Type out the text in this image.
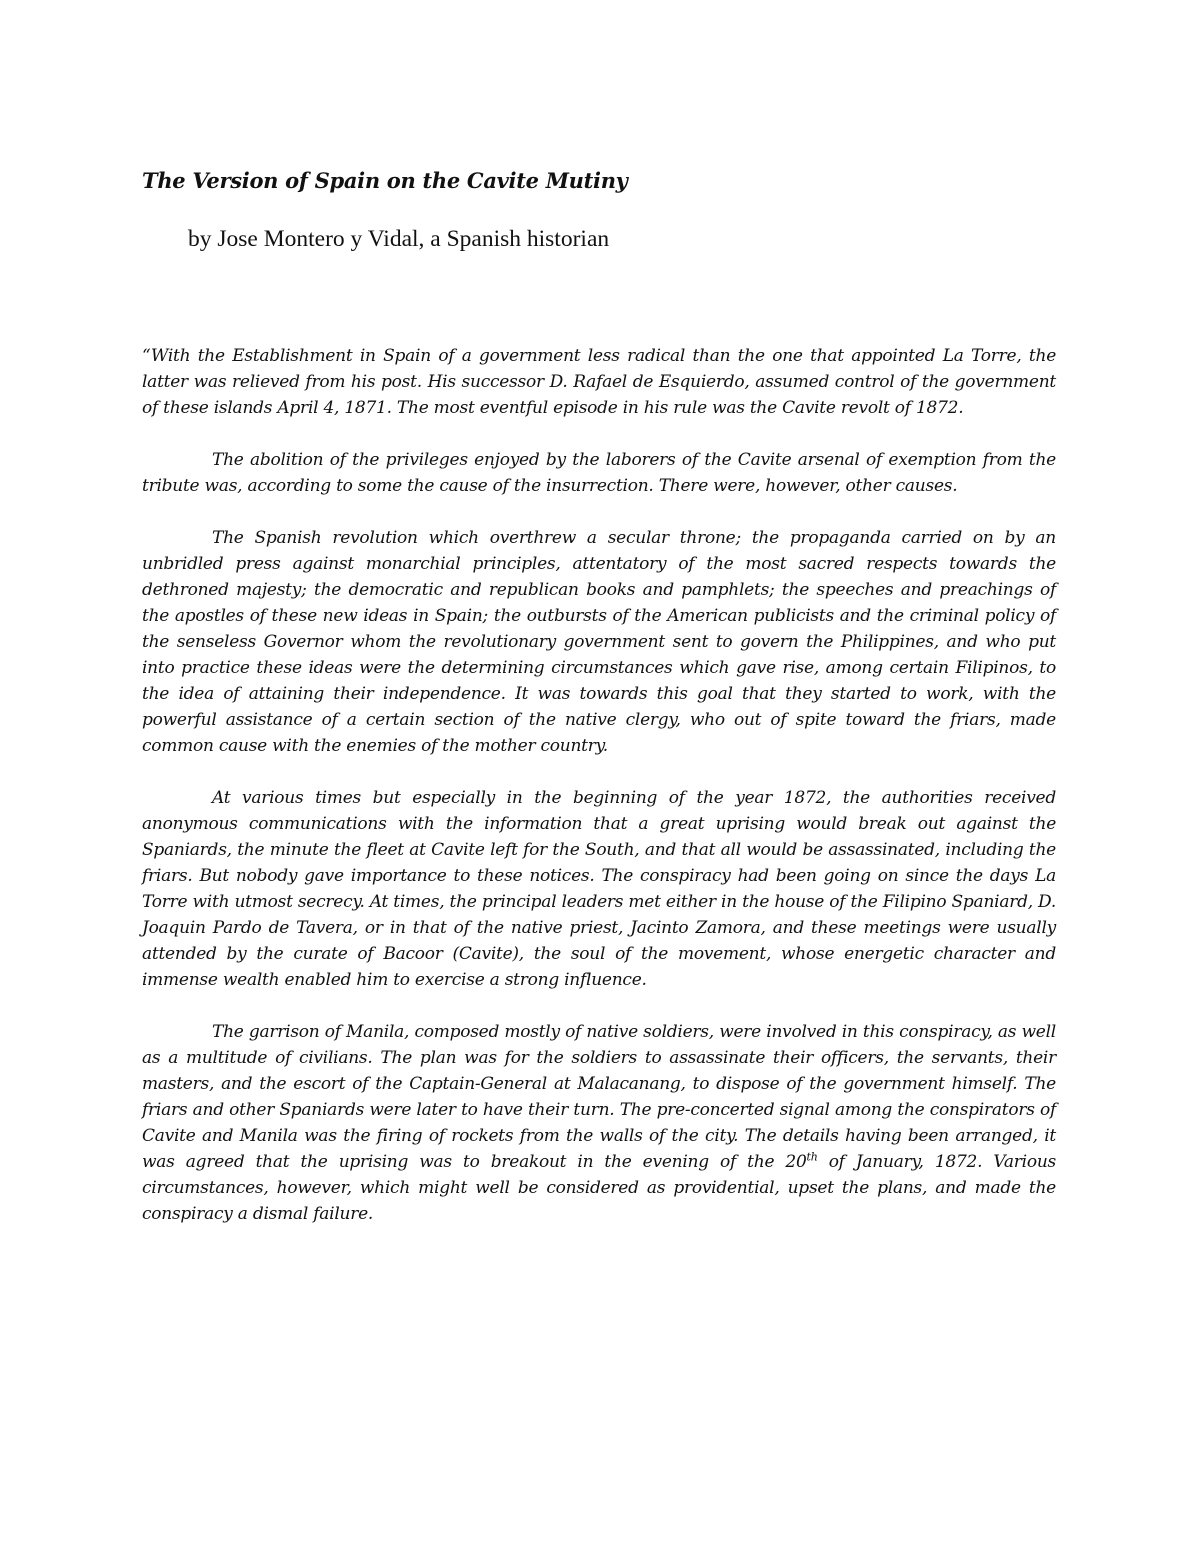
The Version of Spain on the Cavite Mutiny

by Jose Montero y Vidal, a Spanish historian

“With the Establishment in Spain of a government less radical than the one that appointed La Torre, the latter was relieved from his post. His successor D. Rafael de Esquierdo, assumed control of the government of these islands April 4, 1871. The most eventful episode in his rule was the Cavite revolt of 1872.

The abolition of the privileges enjoyed by the laborers of the Cavite arsenal of exemption from the tribute was, according to some the cause of the insurrection. There were, however, other causes.

The Spanish revolution which overthrew a secular throne; the propaganda carried on by an unbridled press against monarchial principles, attentatory of the most sacred respects towards the dethroned majesty; the democratic and republican books and pamphlets; the speeches and preachings of the apostles of these new ideas in Spain; the outbursts of the American publicists and the criminal policy of the senseless Governor whom the revolutionary government sent to govern the Philippines, and who put into practice these ideas were the determining circumstances which gave rise, among certain Filipinos, to the idea of attaining their independence. It was towards this goal that they started to work, with the powerful assistance of a certain section of the native clergy, who out of spite toward the friars, made common cause with the enemies of the mother country.

At various times but especially in the beginning of the year 1872, the authorities received anonymous communications with the information that a great uprising would break out against the Spaniards, the minute the fleet at Cavite left for the South, and that all would be assassinated, including the friars. But nobody gave importance to these notices. The conspiracy had been going on since the days La Torre with utmost secrecy. At times, the principal leaders met either in the house of the Filipino Spaniard, D. Joaquin Pardo de Tavera, or in that of the native priest, Jacinto Zamora, and these meetings were usually attended by the curate of Bacoor (Cavite), the soul of the movement, whose energetic character and immense wealth enabled him to exercise a strong influence.

The garrison of Manila, composed mostly of native soldiers, were involved in this conspiracy, as well as a multitude of civilians. The plan was for the soldiers to assassinate their officers, the servants, their masters, and the escort of the Captain-General at Malacanang, to dispose of the government himself. The friars and other Spaniards were later to have their turn. The pre-concerted signal among the conspirators of Cavite and Manila was the firing of rockets from the walls of the city. The details having been arranged, it was agreed that the uprising was to breakout in the evening of the 20th of January, 1872. Various circumstances, however, which might well be considered as providential, upset the plans, and made the conspiracy a dismal failure.
